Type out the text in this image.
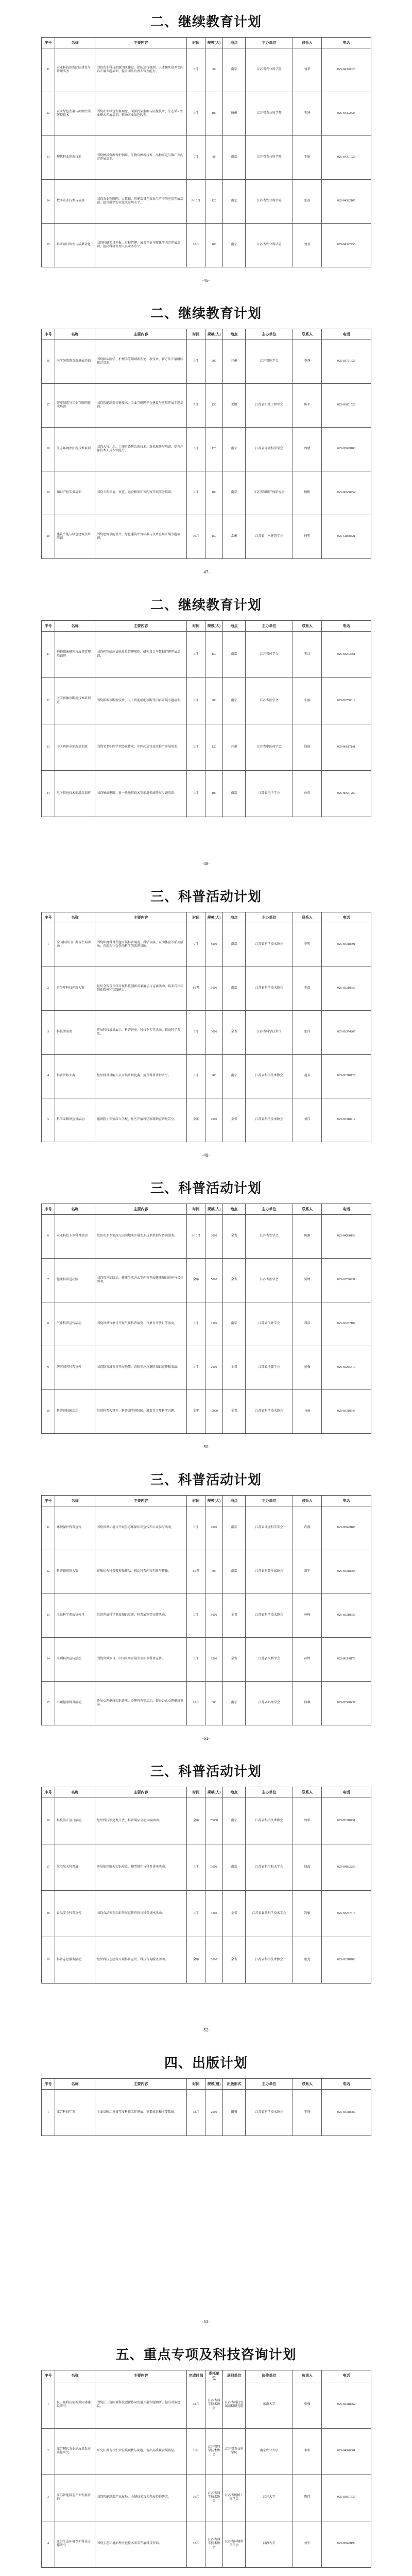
二、继续教育计划
序号	名称	主要内容	时间	规模(人)	地点	主办单位	联系人	电话
11	农业科技创新团队建设与管理实务	围绕农业科技创新团队建设、团队运行机制、人才梯队培养等内容开展专题培训，提升团队负责人管理能力。	5月	80	南京	江苏省农业科学院	刘华	025-84390026
12	农业绿色发展与面源污染防控技术	围绕农业绿色发展理念、面源污染监测与防控技术、生态循环农业模式开展培训，推动农业绿色转型。	6月	100	扬州	江苏省农业科学院	王建	025-84392325
13	现代种业创新技术	围绕种质资源保护利用、生物育种新技术、品种审定与推广等内容开展培训。	7月	80	南京	江苏省农业科学院	王娟	025-84391029
14	数字农业技术与应用	围绕农业物联网、大数据、智能装备在农业生产中的应用开展培训，提升数字农业技术应用水平。	9-10月	120	南京	江苏省农业科学院	张磊	025-84392105
15	科研项目管理与成果转化	围绕科研项目申报、过程管理、成果评价与转化等内容开展培训，提高科研管理人员业务水平。	10月	100	南京	江苏省农业科学院	刘芳	025-84392258
-46-
二、继续教育计划
序号	名称	主要内容	时间	规模(人)	地点	主办单位	联系人	电话
16	医学继续教育新进展培训	围绕临床医学、护理学等领域新理论、新技术、新方法开展继续教育培训。	6月	200	苏州	江苏省医学会	李静	025-83721620
17	智能制造与工业互联网技术培训	围绕智能制造关键技术、工业互联网平台建设与应用开展专题培训。	7月	150	无锡	江苏省机械工程学会	陈军	025-83651522
18	生态环境保护新技术培训	围绕大气、水、土壤污染防治新技术、新标准开展培训，提升环保技术人员专业能力。	8月	120	南京	江苏省环境科学学会	周敏	025-85699183
19	知识产权实务培训	围绕专利申请、审查、运营和保护等内容开展实务培训。	9月	100	南京	江苏省知识产权研究会	杨帆	025-86638752
20	建筑节能与绿色建筑技术培训	围绕建筑节能设计、绿色建筑评价标准与技术应用开展专题培训。	10月	150	常州	江苏省土木建筑学会	徐明	025-51868521
-47-
二、继续教育计划
序号	名称	主要内容	时间	规模(人)	地点	主办单位	联系人	电话
21	药物临床研究与质量管理培训班	围绕药物临床试验质量管理规范、研究设计与数据管理开展培训。	5月	150	南京	江苏省药学会	王红	025-83273561
22	医学影像诊断新技术培训班	围绕影像诊断新技术、人工智能辅助诊断等内容开展专题培训。	6月	200	南京	江苏省医学会	朱丽	025-83738312
23	中医药传承创新培训班	围绕名老中医学术经验传承、中医药适宜技术推广开展培训。	8月	120	苏州	江苏省中医药学会	钱进	025-86617141
24	电子信息技术前沿培训班	围绕集成电路、新一代通信技术等前沿领域开展专题培训。	9月	100	南京	江苏省电子学会	孙涛	025-86551260
-48-
三、科普活动计划
序号	名称	主要内容	时间	规模(人)	地点	主办单位	联系人	电话
1	全国科普日江苏省主场活动	围绕年度科普主题开展科普展览、科学表演、互动体验等系列活动，营造全社会崇尚科学的浓厚氛围。	9月	5000	南京	江苏省科学技术协会	李明	025-83318791
2	青少年科技创新大赛	组织全省青少年开展科技创新成果展示与竞赛活动，培养青少年创新精神和实践能力。	4-5月	1000	南京	江苏省科学技术协会	王磊	025-83318756
3	科技活动周	开展科技成果展示、科普讲座、科技下乡等活动，推动科学普及。	5月	3000	全省	江苏省科学技术厅	张伟	025-83374267
4	科普讲解大赛	组织科普讲解人员开展讲解比赛，提升科普讲解水平。	6月	200	南京	江苏省科学技术协会	赵芳	025-83318729
5	科学家精神宣讲活动	邀请院士专家深入学校、社区开展科学家精神宣讲报告会。	全年	2000	全省	江苏省科学技术协会	刘洋	025-83318712
-49-
三、科普活动计划
序号	名称	主要内容	时间	规模(人)	地点	主办单位	联系人	电话
6	农业科技下乡科普活动	组织农业专家深入田间地头开展农业技术培训与咨询服务。	3-10月	3000	全省	江苏省农学会	陈刚	025-84390156
7	健康科普进社区	围绕常见病防治、健康生活方式等内容开展健康知识讲座与义诊活动。	全年	5000	全省	江苏省医学会	吴婷	025-83720931
8	气象科普宣传活动	围绕世界气象日开展气象科普展览、气象台开放日等活动。	3月	1500	南京	江苏省气象学会	郑浩	025-83287102
9	防灾减灾科普宣传	围绕防灾减灾日开展地震、消防等应急避险知识宣传和演练。	5月	2000	全省	江苏省地震学会	黄强	025-83285317
10	科普进校园活动	组织科普大篷车、科普剧等进校园，激发青少年科学兴趣。	全年	10000	全省	江苏省科学技术协会	马丽	025-83318745
-50-
三、科普活动计划
序号	名称	主要内容	时间	规模(人)	地点	主办单位	联系人	电话
11	环境保护科普宣传	围绕世界环境日开展生态环保知识宣传和公众参与活动。	6月	2000	南京	江苏省环境科学学会	许静	025-85699185
12	科普微视频大赛	征集优秀科普微视频作品，推动科普内容创作与传播。	4-9月	500	南京	江苏省科普作家协会	胡军	025-83318768
13	全民科学素质宣传月	组织开展科学素质知识竞赛、科普展览等宣传活动。	9月	3000	全省	江苏省科学技术协会	林峰	025-83318733
14	水利科普宣传活动	围绕世界水日、中国水周开展节水护水科普宣传。	3月	1500	全省	江苏省水利学会	孙婷	025-86338172
15	心理健康科普活动	开展心理健康知识讲座、心理咨询等活动，提升公众心理健康素养。	10月	800	南京	江苏省心理学会	何琳	025-83598437
-51-
三、科普活动计划
序号	名称	主要内容	时间	规模(人)	地点	主办单位	联系人	电话
16	科技馆开放日活动	组织科技馆免费开放、科普展品互动体验活动。	全年	20000	南京	江苏省科学技术协会	周华	025-83318751
17	航空航天科普展	开展航空航天知识展览、模型制作与科普讲座活动。	7月	3000	南京	江苏省航空航天学会	钱磊	025-84892256
18	食品安全科普宣传	围绕食品安全知识开展宣传咨询与科普讲座活动。	6月	1200	全省	江苏省食品科学技术学会	冯敏	025-83277613
19	科普志愿服务活动	组织科技志愿者开展科普宣讲、科技咨询服务活动。	全年	2000	全省	江苏省科学技术协会	唐亮	025-83318706
-52-
四、出版计划
序号	名称	主要内容	时间	规模(册)	出版形式	主办单位	联系人	电话
1	江苏科技年鉴	全面反映江苏省年度科技工作进展、重要成果和主要数据。	12月	2000	图书	江苏省科学技术协会	王静	025-83318780
-53-
五、重点专项及科技咨询计划
序号	名称	主要内容	完成时间	委托单位	承担单位	协作单位	负责人	电话
1	长三角科技创新共同体建设研究	围绕长三角区域科技创新协同发展开展专题调研，提出对策建议。	12月	江苏省科学技术协会	江苏省科技发展战略研究院	东南大学	张强	025-83318762
2	江苏现代农业高质量发展路径研究	研究江苏现代农业发展现状与问题，提出高质量发展路径。	11月	江苏省科学技术协会	江苏省农业科学院	南京农业大学	李华	025-84390301
3	江苏智能制造产业发展咨询	围绕智能制造产业布局、关键技术攻关开展咨询研究。	10月	江苏省科学技术协会	江苏省机械工程学会	江苏大学	陈伟	025-83651530
4	江苏生态环境保护科技支撑研究	围绕生态环境治理关键技术需求开展科技咨询。	12月	江苏省科学技术协会	江苏省环境科学学会	河海大学	刘军	025-85699190
